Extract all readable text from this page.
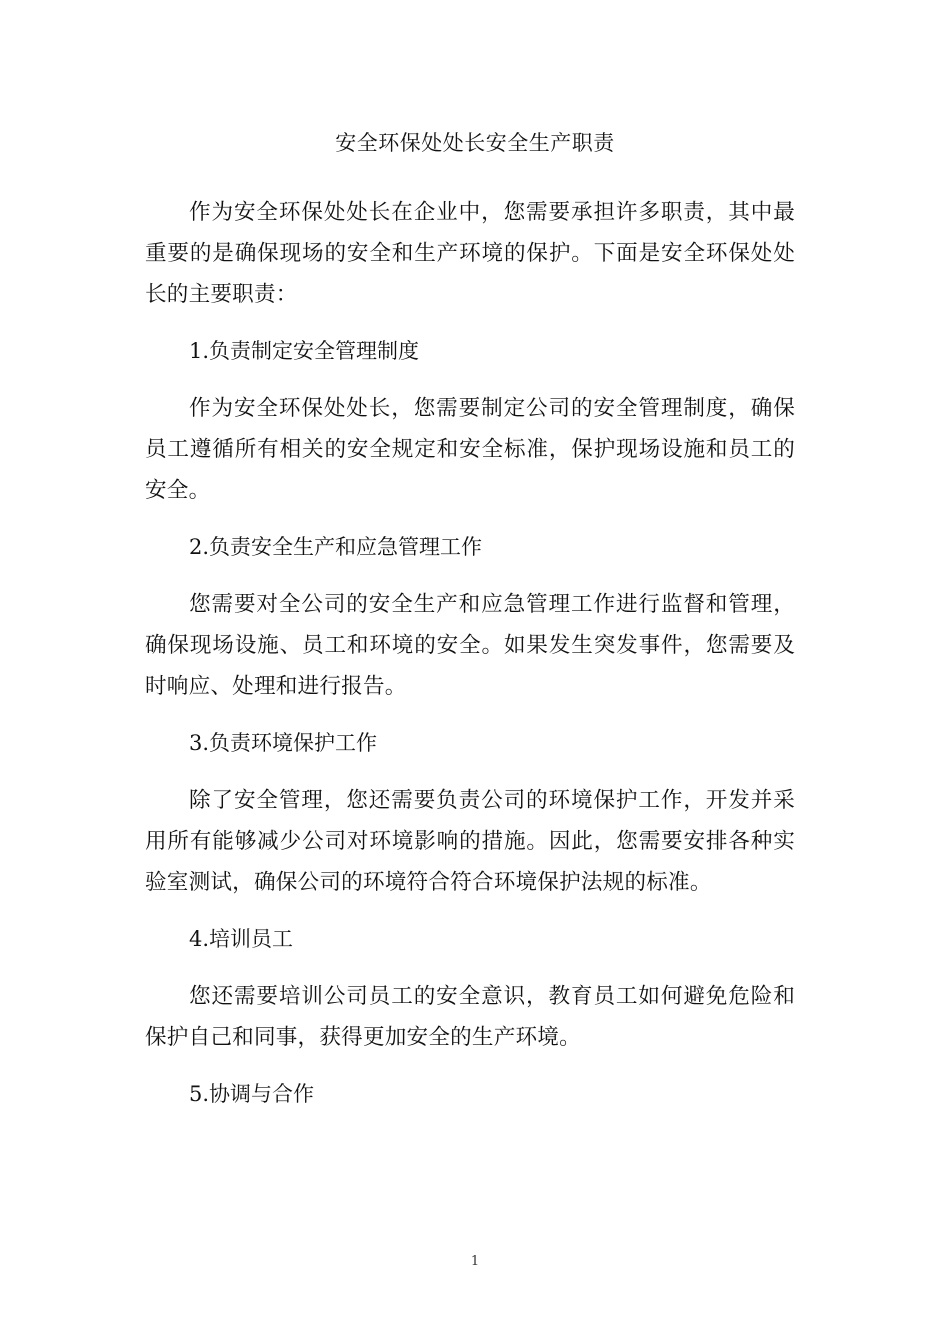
安全环保处处长安全生产职责

作为安全环保处处长在企业中，您需要承担许多职责，其中最重要的是确保现场的安全和生产环境的保护。下面是安全环保处处长的主要职责：

1.负责制定安全管理制度

作为安全环保处处长，您需要制定公司的安全管理制度，确保员工遵循所有相关的安全规定和安全标准，保护现场设施和员工的安全。

2.负责安全生产和应急管理工作

您需要对全公司的安全生产和应急管理工作进行监督和管理，确保现场设施、员工和环境的安全。如果发生突发事件，您需要及时响应、处理和进行报告。

3.负责环境保护工作

除了安全管理，您还需要负责公司的环境保护工作，开发并采用所有能够减少公司对环境影响的措施。因此，您需要安排各种实验室测试，确保公司的环境符合符合环境保护法规的标准。

4.培训员工

您还需要培训公司员工的安全意识，教育员工如何避免危险和保护自己和同事，获得更加安全的生产环境。

5.协调与合作

1
